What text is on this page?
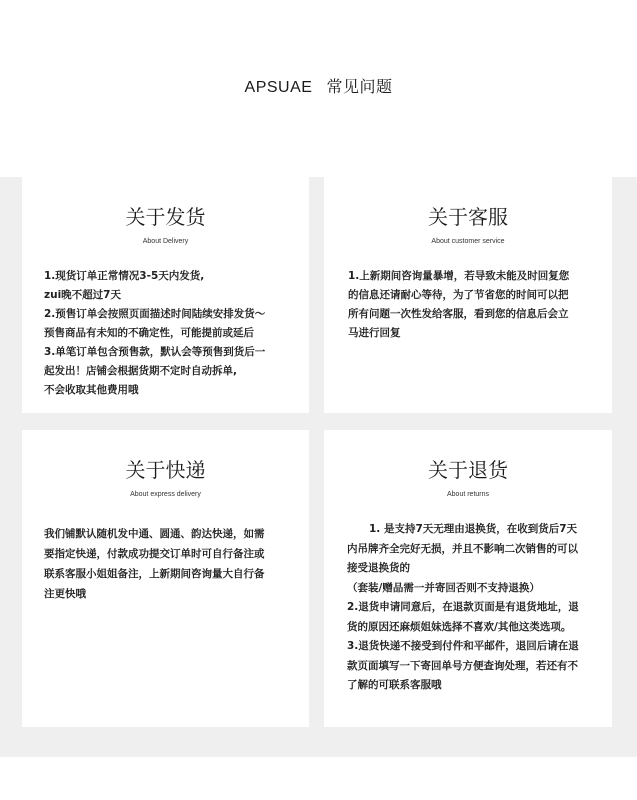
APSUAE 常见问题
关于发货
About Delivery

1.现货订单正常情况3-5天内发货,

zui晚不超过7天

2.预售订单会按照页面描述时间陆续安排发货～

预售商品有未知的不确定性，可能提前或延后

3.单笔订单包含预售款，默认会等预售到货后一

起发出！店铺会根据货期不定时自动拆单,

不会收取其他费用哦

关于客服
About customer service

1.上新期间咨询量暴增，若导致未能及时回复您

的信息还请耐心等待，为了节省您的时间可以把

所有问题一次性发给客服，看到您的信息后会立

马进行回复

关于快递
About express delivery

我们铺默认随机发中通、圆通、韵达快递，如需

要指定快递，付款成功提交订单时可自行备注或

联系客服小姐姐备注，上新期间咨询量大自行备

注更快哦

关于退货
About returns

1. 是支持7天无理由退换货，在收到货后7天

内吊牌齐全完好无损，并且不影响二次销售的可以

接受退换货的

（套装/赠品需一并寄回否则不支持退换）

2.退货申请同意后，在退款页面是有退货地址，退

货的原因还麻烦姐妹选择不喜欢/其他这类选项。

3.退货快递不接受到付件和平邮件，退回后请在退

款页面填写一下寄回单号方便查询处理，若还有不

了解的可联系客服哦
